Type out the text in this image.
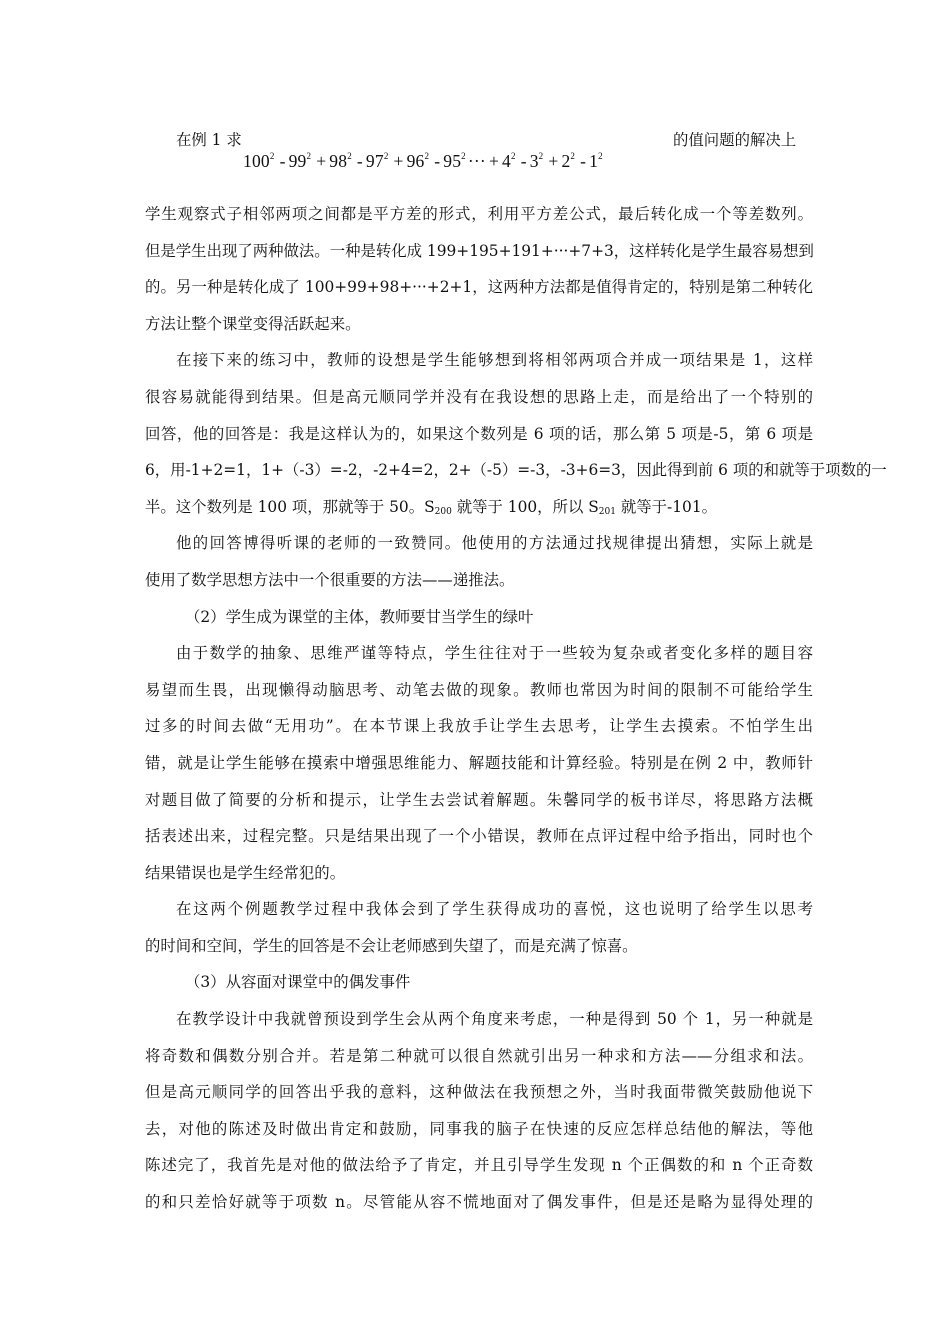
在例 1 求
$100^2 - 99^2 + 98^2 - 97^2 + 96^2 - 95^2$ ··· + $4^2 - 3^2 + 2^2 - 1^2$
的值问题的解决上
学生观察式子相邻两项之间都是平方差的形式，利用平方差公式，最后转化成一个等差数列。
但是学生出现了两种做法。一种是转化成 199+195+191+···+7+3，这样转化是学生最容易想到
的。另一种是转化成了 100+99+98+···+2+1，这两种方法都是值得肯定的，特别是第二种转化
方法让整个课堂变得活跃起来。
在接下来的练习中，教师的设想是学生能够想到将相邻两项合并成一项结果是 1，这样
很容易就能得到结果。但是高元顺同学并没有在我设想的思路上走，而是给出了一个特别的
回答，他的回答是：我是这样认为的，如果这个数列是 6 项的话，那么第 5 项是-5，第 6 项是
6，用-1+2=1，1+（-3）=-2，-2+4=2，2+（-5）=-3，-3+6=3，因此得到前 6 项的和就等于项数的一
半。这个数列是 100 项，那就等于 50。$S_{200}$ 就等于 100，所以 $S_{201}$ 就等于-101。
他的回答博得听课的老师的一致赞同。他使用的方法通过找规律提出猜想，实际上就是
使用了数学思想方法中一个很重要的方法——递推法。
（2）学生成为课堂的主体，教师要甘当学生的绿叶
由于数学的抽象、思维严谨等特点，学生往往对于一些较为复杂或者变化多样的题目容
易望而生畏，出现懒得动脑思考、动笔去做的现象。教师也常因为时间的限制不可能给学生
过多的时间去做“无用功”。在本节课上我放手让学生去思考，让学生去摸索。不怕学生出
错，就是让学生能够在摸索中增强思维能力、解题技能和计算经验。特别是在例 2 中，教师针
对题目做了简要的分析和提示，让学生去尝试着解题。朱馨同学的板书详尽，将思路方法概
括表述出来，过程完整。只是结果出现了一个小错误，教师在点评过程中给予指出，同时也个
结果错误也是学生经常犯的。
在这两个例题教学过程中我体会到了学生获得成功的喜悦，这也说明了给学生以思考
的时间和空间，学生的回答是不会让老师感到失望了，而是充满了惊喜。
（3）从容面对课堂中的偶发事件
在教学设计中我就曾预设到学生会从两个角度来考虑，一种是得到 50 个 1，另一种就是
将奇数和偶数分别合并。若是第二种就可以很自然就引出另一种求和方法——分组求和法。
但是高元顺同学的回答出乎我的意料，这种做法在我预想之外，当时我面带微笑鼓励他说下
去，对他的陈述及时做出肯定和鼓励，同事我的脑子在快速的反应怎样总结他的解法，等他
陈述完了，我首先是对他的做法给予了肯定，并且引导学生发现 n 个正偶数的和 n 个正奇数
的和只差恰好就等于项数 n。尽管能从容不慌地面对了偶发事件，但是还是略为显得处理的
